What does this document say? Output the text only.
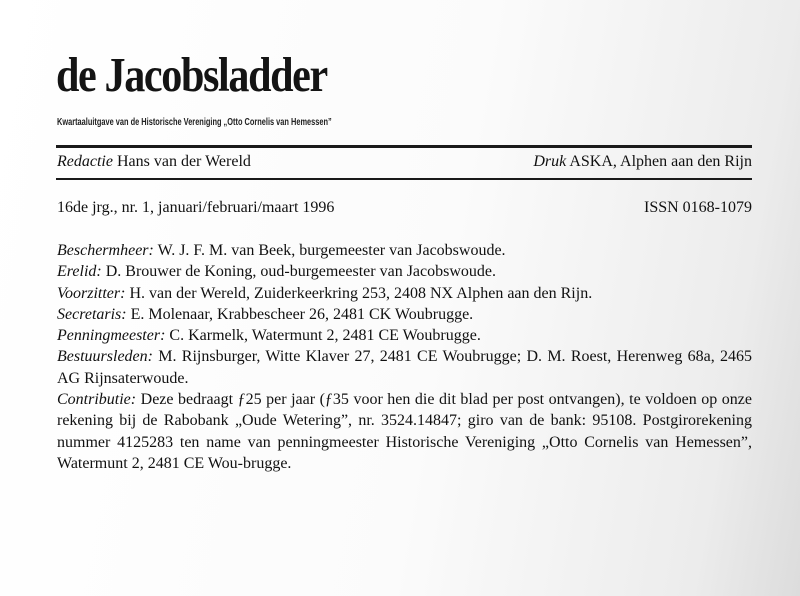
de Jacobsladder
Kwartaaluitgave van de Historische Vereniging „Otto Cornelis van Hemessen”
Redactie Hans van der Wereld	Druk ASKA, Alphen aan den Rijn
16de jrg., nr. 1, januari/februari/maart 1996	ISSN 0168-1079

Beschermheer: W. J. F. M. van Beek, burgemeester van Jacobswoude.

Erelid: D. Brouwer de Koning, oud-burgemeester van Jacobswoude.

Voorzitter: H. van der Wereld, Zuiderkeerkring 253, 2408 NX Alphen aan den Rijn.

Secretaris: E. Molenaar, Krabbescheer 26, 2481 CK Woubrugge.

Penningmeester: C. Karmelk, Watermunt 2, 2481 CE Woubrugge.

Bestuursleden: M. Rijnsburger, Witte Klaver 27, 2481 CE Woubrugge; D. M. Roest, Herenweg 68a, 2465 AG Rijnsaterwoude.

Contributie: Deze bedraagt ƒ25 per jaar (ƒ35 voor hen die dit blad per post ontvangen), te voldoen op onze rekening bij de Rabobank „Oude Wetering”, nr. 3524.14847; giro van de bank: 95108. Postgirorekening nummer 4125283 ten name van penningmeester Historische Vereniging „Otto Cornelis van Hemessen”, Watermunt 2, 2481 CE Wou-brugge.
